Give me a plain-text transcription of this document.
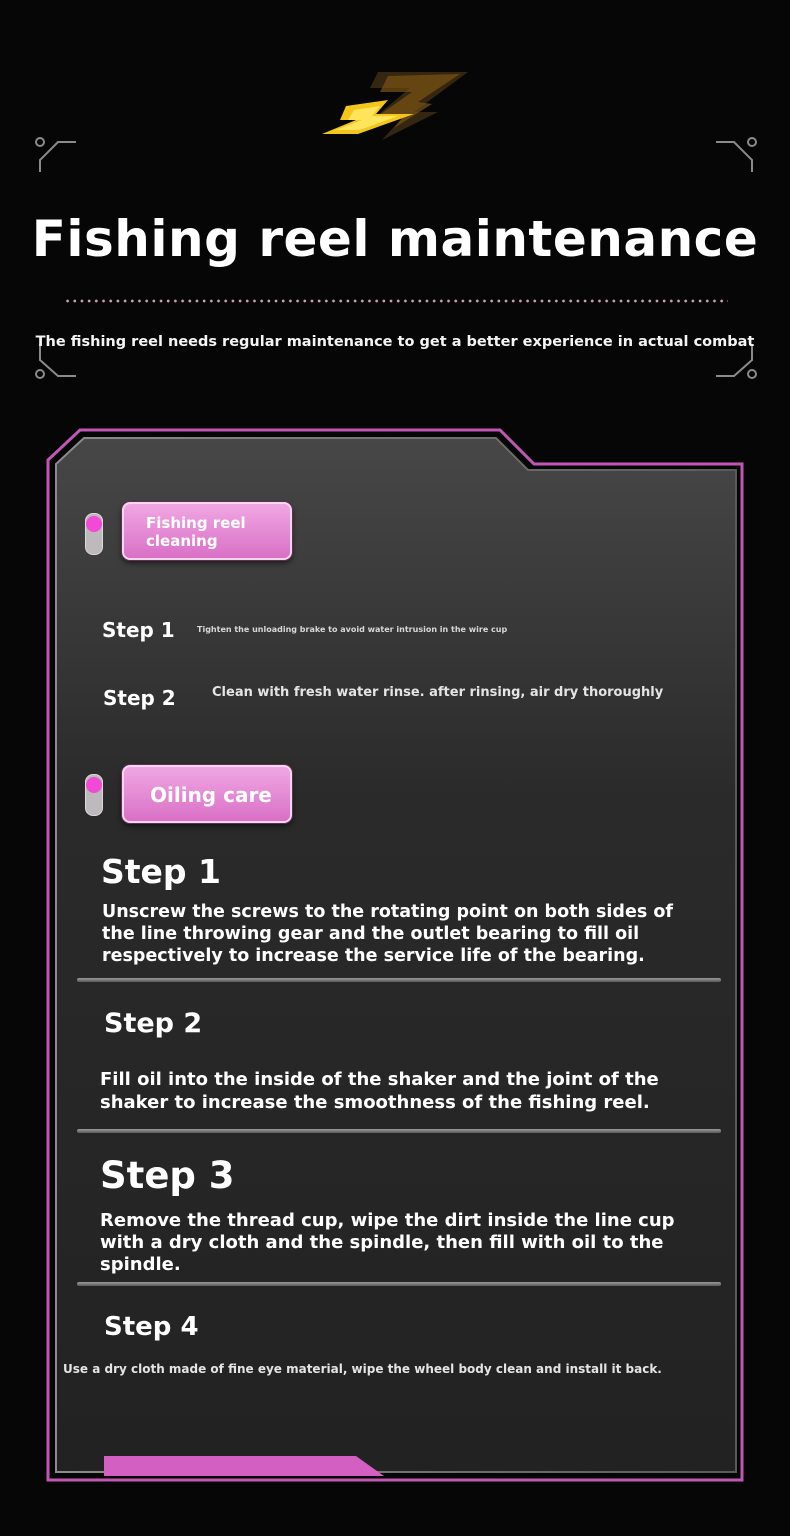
Fishing reel maintenance
The fishing reel needs regular maintenance to get a better experience in actual combat
Fishing reel
cleaning
Step 1	Tighten the unloading brake to avoid water intrusion in the wire cup
Step 2	Clean with fresh water rinse. after rinsing, air dry thoroughly
Oiling care
Step 1
Unscrew the screws to the rotating point on both sides of the line throwing gear and the outlet bearing to fill oil respectively to increase the service life of the bearing.
Step 2
Fill oil into the inside of the shaker and the joint of the shaker to increase the smoothness of the fishing reel.
Step 3
Remove the thread cup, wipe the dirt inside the line cup with a dry cloth and the spindle, then fill with oil to the spindle.
Step 4
Use a dry cloth made of fine eye material, wipe the wheel body clean and install it back.
